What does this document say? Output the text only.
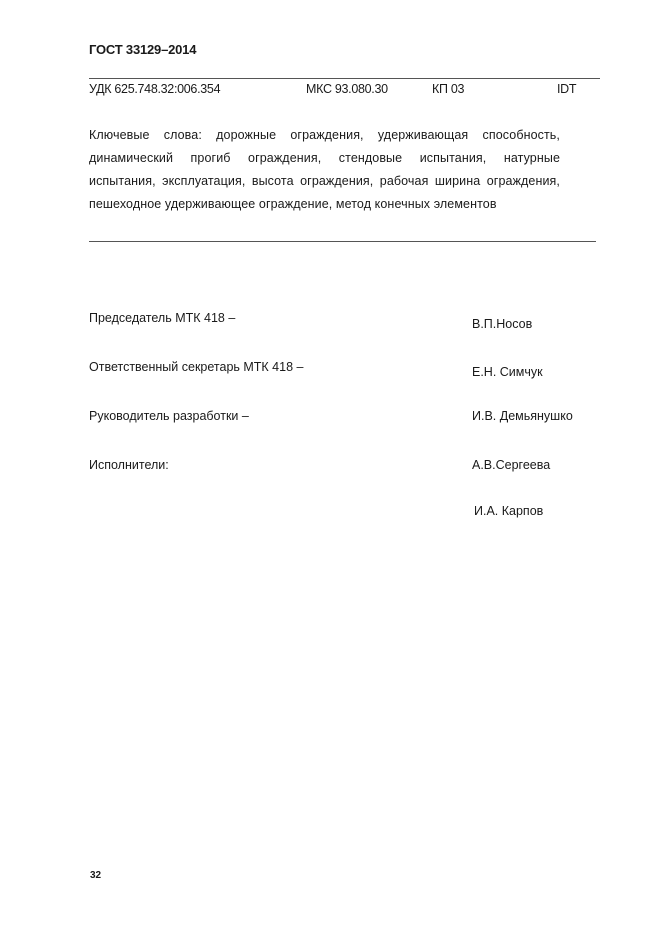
ГОСТ 33129–2014
УДК 625.748.32:006.354	МКС 93.080.30	КП 03	IDT
Ключевые слова: дорожные ограждения, удерживающая способность, динамический прогиб ограждения, стендовые испытания, натурные испытания, эксплуатация, высота ограждения, рабочая ширина ограждения, пешеходное удерживающее ограждение, метод конечных элементов
Председатель МТК 418 –	В.П.Носов
Ответственный секретарь МТК 418 –	Е.Н. Симчук
Руководитель разработки –	И.В. Демьянушко
Исполнители:	А.В.Сергеева
И.А. Карпов
32
